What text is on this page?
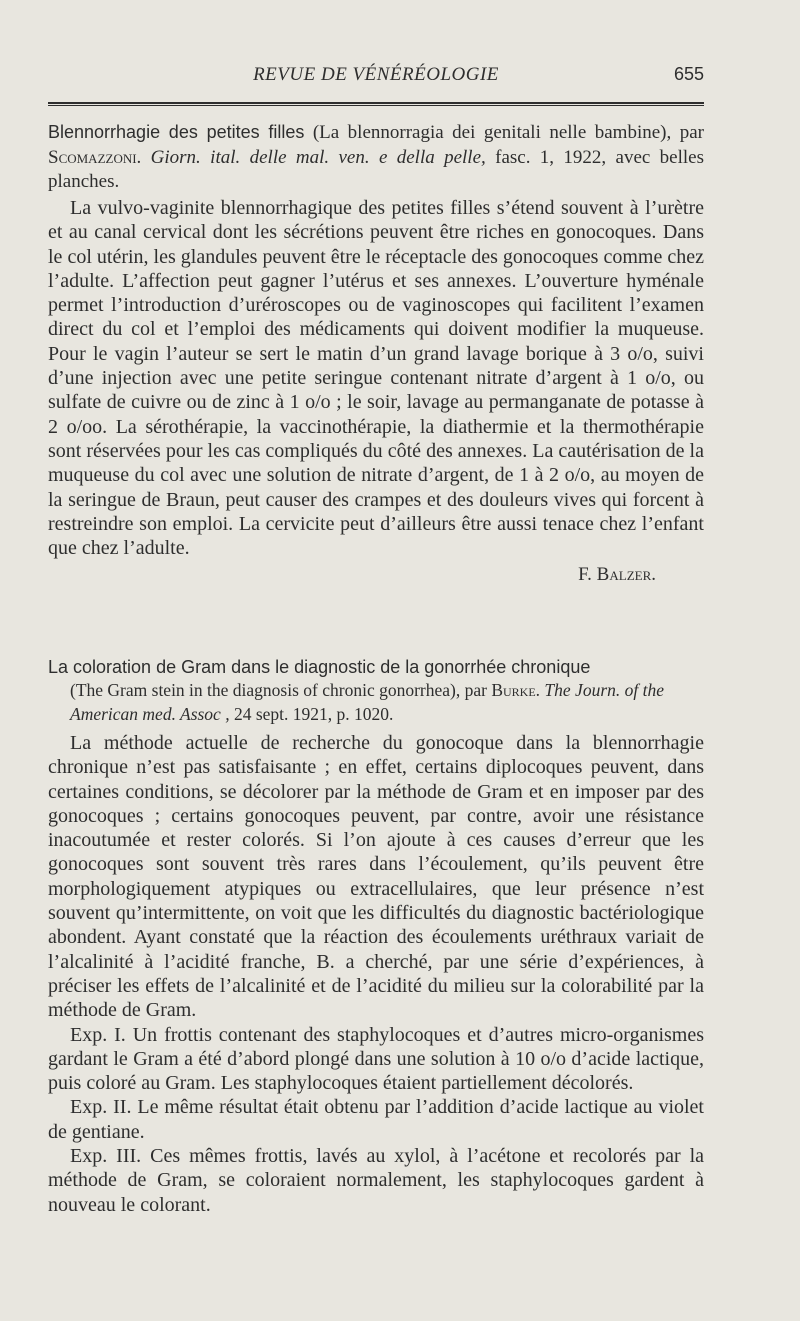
REVUE DE VÉNÉRÉOLOGIE	655

Blennorrhagie des petites filles (La blennorragia dei genitali nelle bambine), par Scomazzoni. Giorn. ital. delle mal. ven. e della pelle, fasc. 1, 1922, avec belles planches.

La vulvo-vaginite blennorrhagique des petites filles s’étend souvent à l’urètre et au canal cervical dont les sécrétions peuvent être riches en gonocoques. Dans le col utérin, les glandules peuvent être le réceptacle des gonocoques comme chez l’adulte. L’affection peut gagner l’utérus et ses annexes. L’ouverture hyménale permet l’introduction d’uréroscopes ou de vaginoscopes qui facilitent l’examen direct du col et l’emploi des médicaments qui doivent modifier la muqueuse. Pour le vagin l’auteur se sert le matin d’un grand lavage borique à 3 o/o, suivi d’une injection avec une petite seringue contenant nitrate d’argent à 1 o/o, ou sulfate de cuivre ou de zinc à 1 o/o ; le soir, lavage au permanganate de potasse à 2 o/oo. La sérothérapie, la vaccinothérapie, la diathermie et la thermothérapie sont réservées pour les cas compliqués du côté des annexes. La cautérisation de la muqueuse du col avec une solution de nitrate d’argent, de 1 à 2 o/o, au moyen de la seringue de Braun, peut causer des crampes et des douleurs vives qui forcent à restreindre son emploi. La cervicite peut d’ailleurs être aussi tenace chez l’enfant que chez l’adulte.

F. Balzer.
La coloration de Gram dans le diagnostic de la gonorrhée chronique
(The Gram stein in the diagnosis of chronic gonorrhea), par Burke. The Journ. of the American med. Assoc , 24 sept. 1921, p. 1020.

La méthode actuelle de recherche du gonocoque dans la blennorrhagie chronique n’est pas satisfaisante ; en effet, certains diplocoques peuvent, dans certaines conditions, se décolorer par la méthode de Gram et en imposer par des gonocoques ; certains gonocoques peuvent, par contre, avoir une résistance inacoutumée et rester colorés. Si l’on ajoute à ces causes d’erreur que les gonocoques sont souvent très rares dans l’écoulement, qu’ils peuvent être morphologiquement atypiques ou extracellulaires, que leur présence n’est souvent qu’intermittente, on voit que les difficultés du diagnostic bactériologique abondent. Ayant constaté que la réaction des écoulements uréthraux variait de l’alcalinité à l’acidité franche, B. a cherché, par une série d’expériences, à préciser les effets de l’alcalinité et de l’acidité du milieu sur la colorabilité par la méthode de Gram.

Exp. I. Un frottis contenant des staphylocoques et d’autres micro-organismes gardant le Gram a été d’abord plongé dans une solution à 10 o/o d’acide lactique, puis coloré au Gram. Les staphylocoques étaient partiellement décolorés.

Exp. II. Le même résultat était obtenu par l’addition d’acide lactique au violet de gentiane.

Exp. III. Ces mêmes frottis, lavés au xylol, à l’acétone et recolorés par la méthode de Gram, se coloraient normalement, les staphylocoques gardent à nouveau le colorant.
